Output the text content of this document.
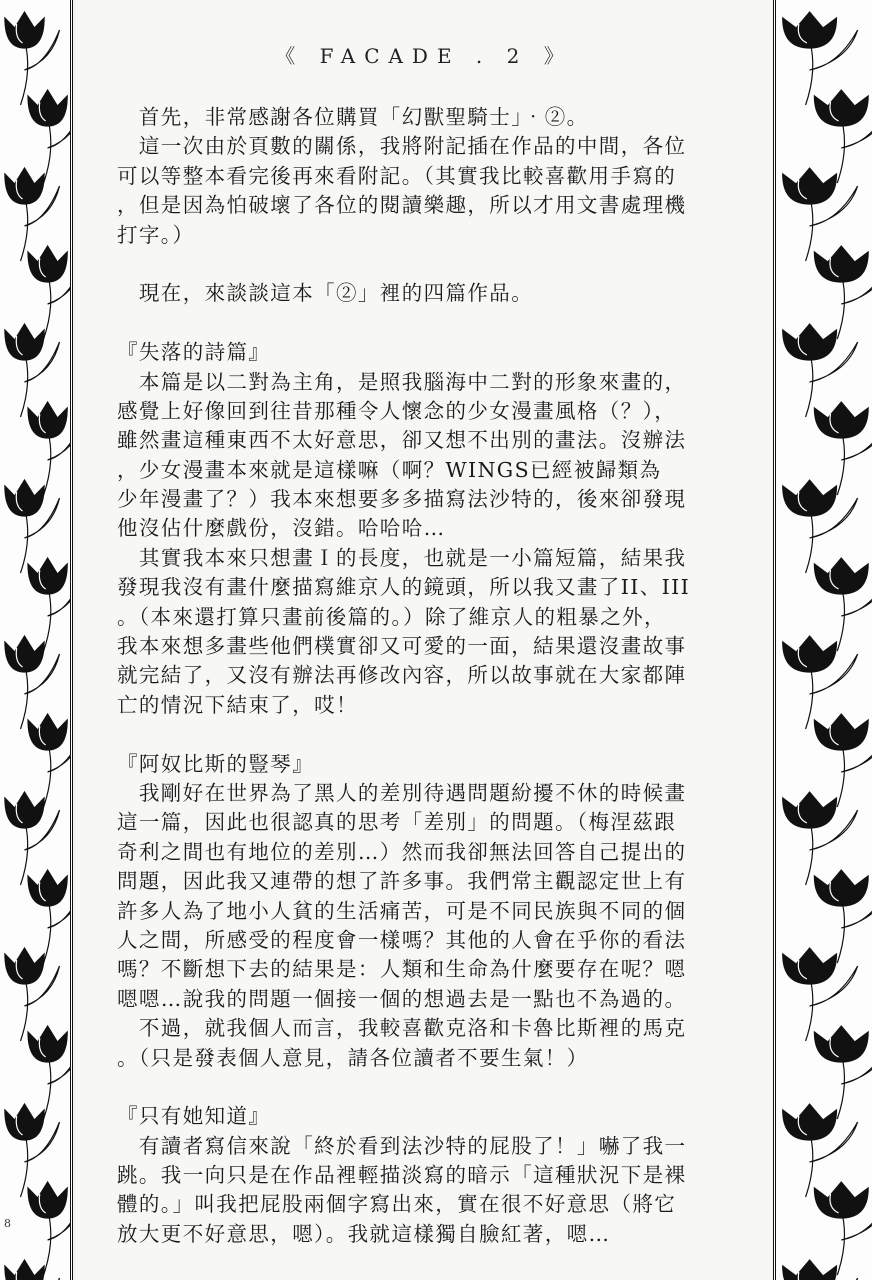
《 FACADE . 2 》
　首先，非常感謝各位購買「幻獸聖騎士」‧②。
　這一次由於頁數的關係，我將附記插在作品的中間，各位
可以等整本看完後再來看附記。（其實我比較喜歡用手寫的
，但是因為怕破壞了各位的閱讀樂趣，所以才用文書處理機
打字。）
　現在，來談談這本「②」裡的四篇作品。
『失落的詩篇』
　本篇是以二對為主角，是照我腦海中二對的形象來畫的，
感覺上好像回到往昔那種令人懷念的少女漫畫風格（？），
雖然畫這種東西不太好意思，卻又想不出別的畫法。沒辦法
，少女漫畫本來就是這樣嘛（啊？WINGS已經被歸類為
少年漫畫了？）我本來想要多多描寫法沙特的，後來卻發現
他沒佔什麼戲份，沒錯。哈哈哈…
　其實我本來只想畫Ｉ的長度，也就是一小篇短篇，結果我
發現我沒有畫什麼描寫維京人的鏡頭，所以我又畫了II、III
。（本來還打算只畫前後篇的。）除了維京人的粗暴之外，
我本來想多畫些他們樸實卻又可愛的一面，結果還沒畫故事
就完結了，又沒有辦法再修改內容，所以故事就在大家都陣
亡的情況下結束了，哎！
『阿奴比斯的豎琴』
　我剛好在世界為了黑人的差別待遇問題紛擾不休的時候畫
這一篇，因此也很認真的思考「差別」的問題。（梅涅茲跟
奇利之間也有地位的差別…）然而我卻無法回答自己提出的
問題，因此我又連帶的想了許多事。我們常主觀認定世上有
許多人為了地小人貧的生活痛苦，可是不同民族與不同的個
人之間，所感受的程度會一樣嗎？其他的人會在乎你的看法
嗎？不斷想下去的結果是：人類和生命為什麼要存在呢？嗯
嗯嗯…說我的問題一個接一個的想過去是一點也不為過的。
　不過，就我個人而言，我較喜歡克洛和卡魯比斯裡的馬克
。（只是發表個人意見，請各位讀者不要生氣！）
『只有她知道』
　有讀者寫信來說「終於看到法沙特的屁股了！」嚇了我一
跳。我一向只是在作品裡輕描淡寫的暗示「這種狀況下是裸
體的。」叫我把屁股兩個字寫出來，實在很不好意思（將它
放大更不好意思，嗯）。我就這樣獨自臉紅著，嗯…
8
